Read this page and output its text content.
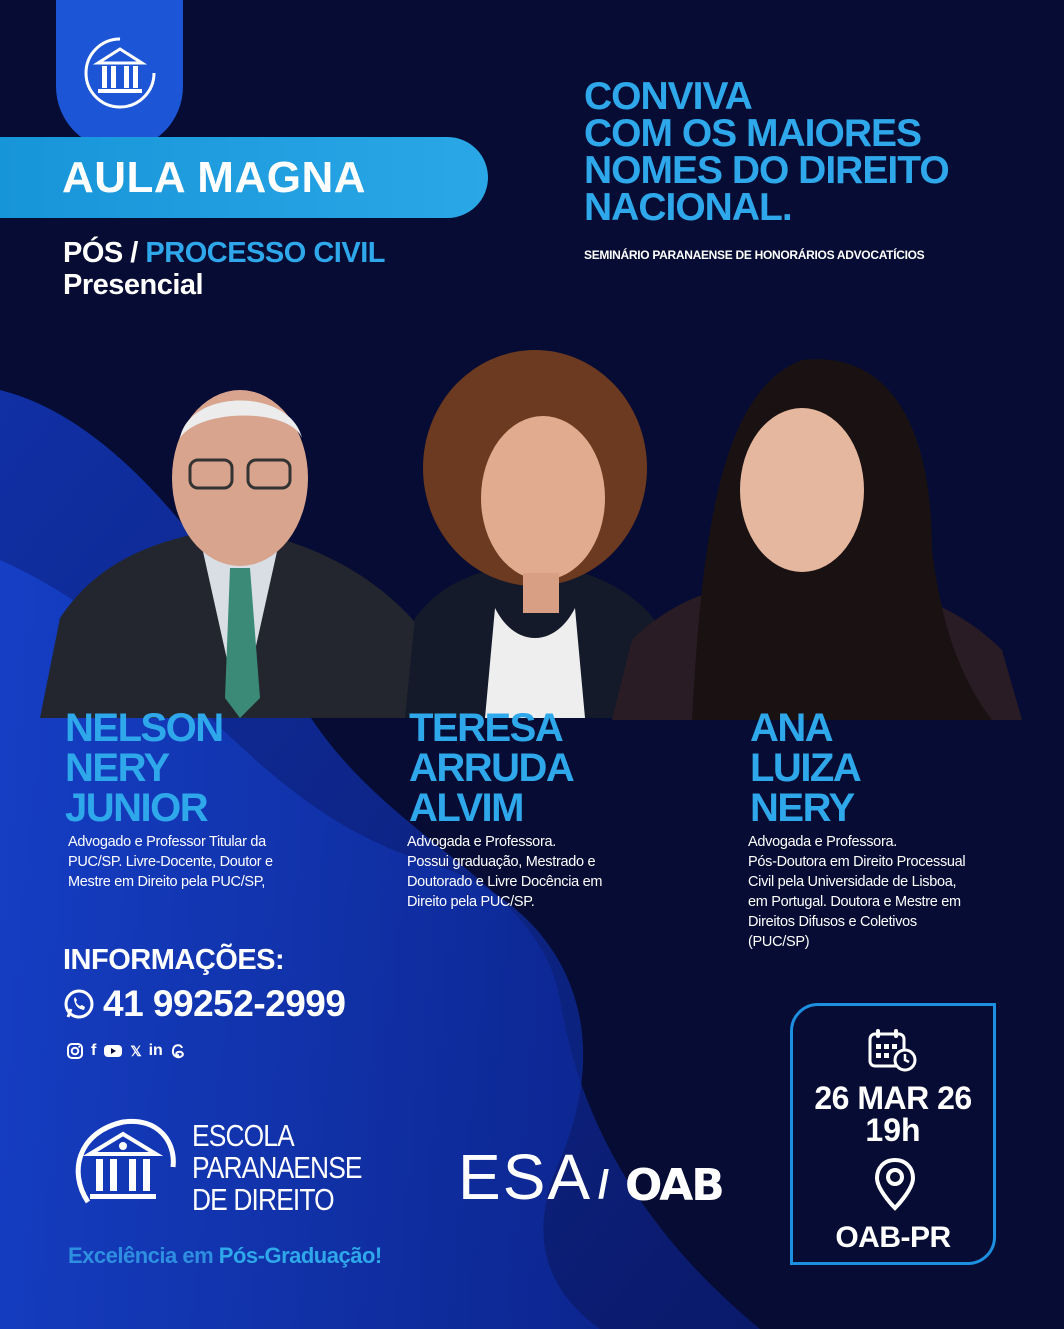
AULA MAGNA
PÓS / PROCESSO CIVIL
Presencial
CONVIVA
COM OS MAIORES
NOMES DO DIREITO
NACIONAL.
SEMINÁRIO PARANAENSE DE HONORÁRIOS ADVOCATÍCIOS
NELSON
NERY
JUNIOR
Advogado e Professor Titular da
PUC/SP. Livre-Docente, Doutor e
Mestre em Direito pela PUC/SP,
TERESA
ARRUDA
ALVIM
Advogada e Professora.
Possui graduação, Mestrado e
Doutorado e Livre Docência em
Direito pela PUC/SP.
ANA
LUIZA
NERY
Advogada e Professora.
Pós-Doutora em Direito Processual
Civil pela Universidade de Lisboa,
em Portugal. Doutora e Mestre em
Direitos Difusos e Coletivos
(PUC/SP)
INFORMAÇÕES:
41 99252-2999
f 𝕏 in
26 MAR 26
19h
OAB-PR
ESCOLA
PARANAENSE
DE DIREITO	ESA / OAB
Excelência em Pós-Graduação!
